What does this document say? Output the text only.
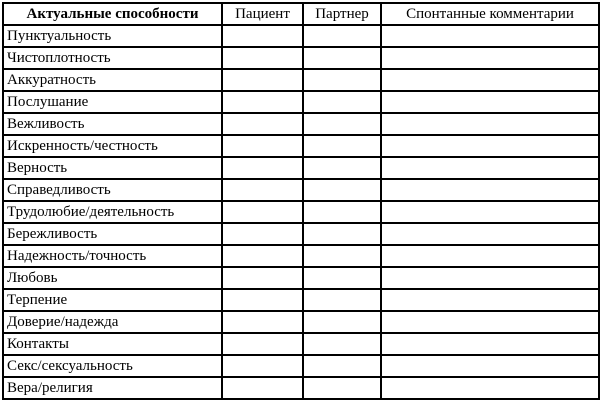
Актуальные способности	Пациент	Партнер	Спонтанные комментарии
Пунктуальность			
Чистоплотность			
Аккуратность			
Послушание			
Вежливость			
Искренность/честность			
Верность			
Справедливость			
Трудолюбие/деятельность			
Бережливость			
Надежность/точность			
Любовь			
Терпение			
Доверие/надежда			
Контакты			
Секс/сексуальность			
Вера/религия			
